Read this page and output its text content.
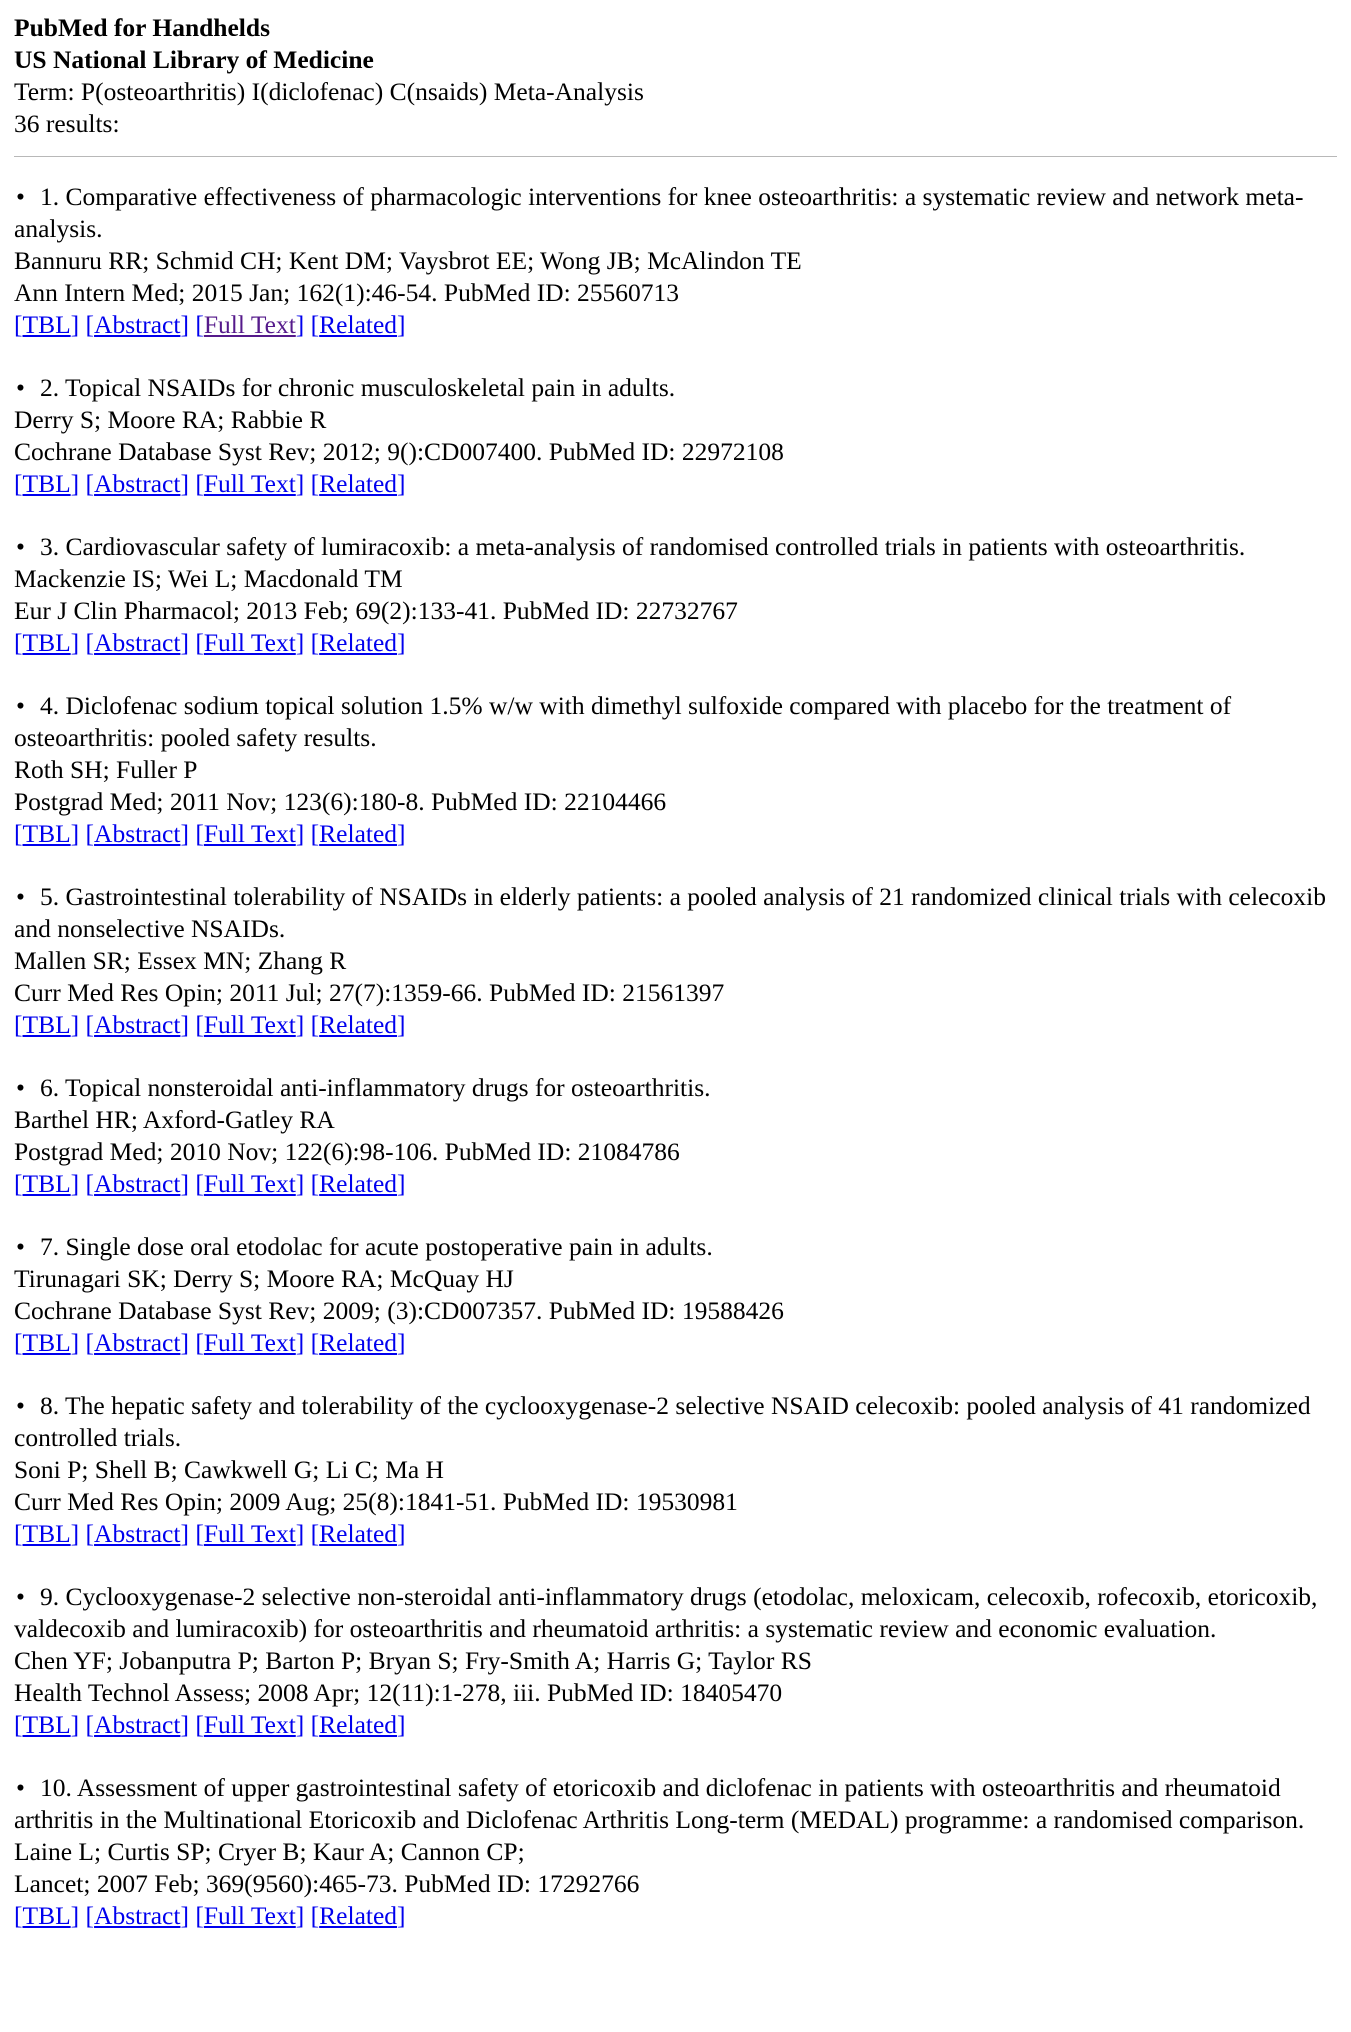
PubMed for Handhelds
US National Library of Medicine
Term: P(osteoarthritis) I(diclofenac) C(nsaids) Meta-Analysis
36 results:
• 1. Comparative effectiveness of pharmacologic interventions for knee osteoarthritis: a systematic review and network meta-analysis.
Bannuru RR; Schmid CH; Kent DM; Vaysbrot EE; Wong JB; McAlindon TE
Ann Intern Med; 2015 Jan; 162(1):46-54. PubMed ID: 25560713
[TBL] [Abstract] [Full Text] [Related]
• 2. Topical NSAIDs for chronic musculoskeletal pain in adults.
Derry S; Moore RA; Rabbie R
Cochrane Database Syst Rev; 2012; 9():CD007400. PubMed ID: 22972108
[TBL] [Abstract] [Full Text] [Related]
• 3. Cardiovascular safety of lumiracoxib: a meta-analysis of randomised controlled trials in patients with osteoarthritis.
Mackenzie IS; Wei L; Macdonald TM
Eur J Clin Pharmacol; 2013 Feb; 69(2):133-41. PubMed ID: 22732767
[TBL] [Abstract] [Full Text] [Related]
• 4. Diclofenac sodium topical solution 1.5% w/w with dimethyl sulfoxide compared with placebo for the treatment of osteoarthritis: pooled safety results.
Roth SH; Fuller P
Postgrad Med; 2011 Nov; 123(6):180-8. PubMed ID: 22104466
[TBL] [Abstract] [Full Text] [Related]
• 5. Gastrointestinal tolerability of NSAIDs in elderly patients: a pooled analysis of 21 randomized clinical trials with celecoxib and nonselective NSAIDs.
Mallen SR; Essex MN; Zhang R
Curr Med Res Opin; 2011 Jul; 27(7):1359-66. PubMed ID: 21561397
[TBL] [Abstract] [Full Text] [Related]
• 6. Topical nonsteroidal anti-inflammatory drugs for osteoarthritis.
Barthel HR; Axford-Gatley RA
Postgrad Med; 2010 Nov; 122(6):98-106. PubMed ID: 21084786
[TBL] [Abstract] [Full Text] [Related]
• 7. Single dose oral etodolac for acute postoperative pain in adults.
Tirunagari SK; Derry S; Moore RA; McQuay HJ
Cochrane Database Syst Rev; 2009; (3):CD007357. PubMed ID: 19588426
[TBL] [Abstract] [Full Text] [Related]
• 8. The hepatic safety and tolerability of the cyclooxygenase-2 selective NSAID celecoxib: pooled analysis of 41 randomized controlled trials.
Soni P; Shell B; Cawkwell G; Li C; Ma H
Curr Med Res Opin; 2009 Aug; 25(8):1841-51. PubMed ID: 19530981
[TBL] [Abstract] [Full Text] [Related]
• 9. Cyclooxygenase-2 selective non-steroidal anti-inflammatory drugs (etodolac, meloxicam, celecoxib, rofecoxib, etoricoxib, valdecoxib and lumiracoxib) for osteoarthritis and rheumatoid arthritis: a systematic review and economic evaluation.
Chen YF; Jobanputra P; Barton P; Bryan S; Fry-Smith A; Harris G; Taylor RS
Health Technol Assess; 2008 Apr; 12(11):1-278, iii. PubMed ID: 18405470
[TBL] [Abstract] [Full Text] [Related]
• 10. Assessment of upper gastrointestinal safety of etoricoxib and diclofenac in patients with osteoarthritis and rheumatoid arthritis in the Multinational Etoricoxib and Diclofenac Arthritis Long-term (MEDAL) programme: a randomised comparison.
Laine L; Curtis SP; Cryer B; Kaur A; Cannon CP;
Lancet; 2007 Feb; 369(9560):465-73. PubMed ID: 17292766
[TBL] [Abstract] [Full Text] [Related]
